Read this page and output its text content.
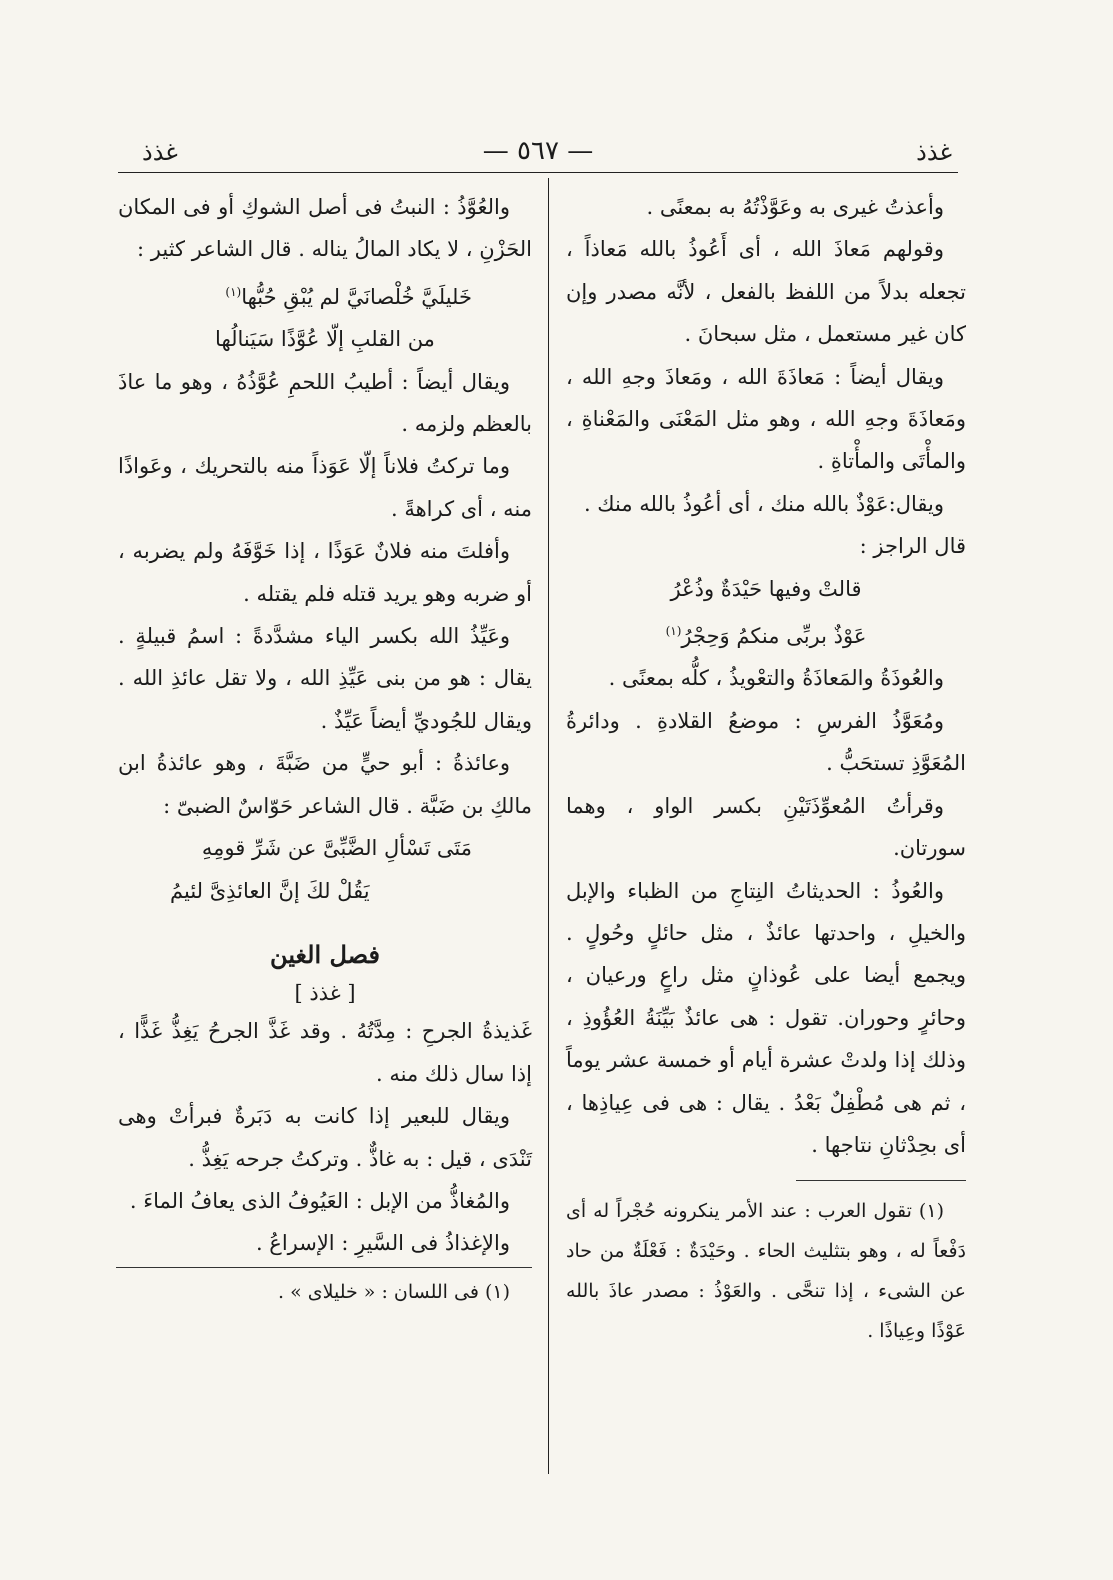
غذذ
— ٥٦٧ —
غذذ

وأعذتُ غيرى به وعَوَّذْتُهُ به بمعنًى .

وقولهم مَعاذَ الله ، أى أَعُوذُ بالله مَعاذاً ، تجعله بدلاً من اللفظ بالفعل ، لأنَّه مصدر وإن كان غير مستعمل ، مثل سبحانَ .

ويقال أيضاً : مَعاذَةَ الله ، ومَعاذَ وجهِ الله ، ومَعاذَةَ وجهِ الله ، وهو مثل المَعْنَى والمَعْناةِ ، والمأْتَى والمأْتاةِ .

ويقال:عَوْذٌ بالله منك ، أى أعُوذُ بالله منك .

قال الراجز :

قالتْ وفيها حَيْدَةٌ وذُعْرُ

عَوْذٌ بربِّى منكمُ وَحِجْرُ$^{(١)}$

والعُوذَةُ والمَعاذَةُ والتعْويذُ ، كلُّه بمعنًى .

ومُعَوَّذُ الفرسِ : موضعُ القلادةِ . ودائرةُ المُعَوَّذِ تستحَبُّ .

وقرأتُ المُعوِّذَتَيْنِ بكسر الواو ، وهما سورتان.

والعُوذُ : الحديثاتُ النِتاجِ من الظباء والإبل والخيلِ ، واحدتها عائذٌ ، مثل حائلٍ وحُولٍ . ويجمع أيضا على عُوذانٍ مثل راعٍ ورعيان ، وحائرٍ وحوران. تقول : هى عائذٌ بَيِّنَةُ العُؤُوذِ ، وذلك إذا ولدتْ عشرة أيام أو خمسة عشر يوماً ، ثم هى مُطْفِلٌ بَعْدُ . يقال : هى فى عِياذِها ، أى بحِدْثانِ نتاجها .

(١) تقول العرب : عند الأمر ينكرونه حُجْراً له أى دَفْعاً له ، وهو بتثليث الحاء . وحَيْدَةٌ : فَعْلَةٌ من حاد عن الشىء ، إذا تنحَّى . والعَوْذُ : مصدر عاذَ بالله عَوْذًا وعِياذًا .

والعُوَّذُ : النبتُ فى أصل الشوكِ أو فى المكان الحَزْنِ ، لا يكاد المالُ يناله . قال الشاعر كثير :

خَليلَيَّ خُلْصانَيَّ لم يُبْقِ حُبُّها$^{(١)}$

من القلبِ إلّا عُوَّذًا سَيَنالُها

ويقال أيضاً : أطيبُ اللحمِ عُوَّذُهُ ، وهو ما عاذَ بالعظم ولزمه .

وما تركتُ فلاناً إلّا عَوَذاً منه بالتحريك ، وعَواذًا منه ، أى كراهةً .

وأفلتَ منه فلانٌ عَوَذًا ، إذا خَوَّفَهُ ولم يضربه ، أو ضربه وهو يريد قتله فلم يقتله .

وعَيِّذُ الله بكسر الياء مشدَّدةً : اسمُ قبيلةٍ . يقال : هو من بنى عَيِّذِ الله ، ولا تقل عائذِ الله . ويقال للجُوديِّ أيضاً عَيِّذٌ .

وعائذةُ : أبو حيٍّ من ضَبَّةَ ، وهو عائذةُ ابن مالكِ بن ضَبَّة . قال الشاعر حَوّاسٌ الضبىّ :

مَتَى تَسْألِ الضَّبِّىَّ عن شَرِّ قومِهِ

يَقُلْ لكَ إنَّ العائذِىَّ لئيمُ

فصل الغين

[ غذذ ]

غَذيذةُ الجرحِ : مِدَّتُهُ . وقد غَذَّ الجرحُ يَغِذُّ غَذًّا ، إذا سال ذلك منه .

ويقال للبعير إذا كانت به دَبَرةٌ فبرأتْ وهى تَنْدَى ، قيل : به غاذٌّ . وتركتُ جرحه يَغِذُّ .

والمُغاذُّ من الإبل : العَيُوفُ الذى يعافُ الماءَ .

والإغذاذُ فى السَّيرِ : الإسراعُ .

(١) فى اللسان : « خليلاى » .
